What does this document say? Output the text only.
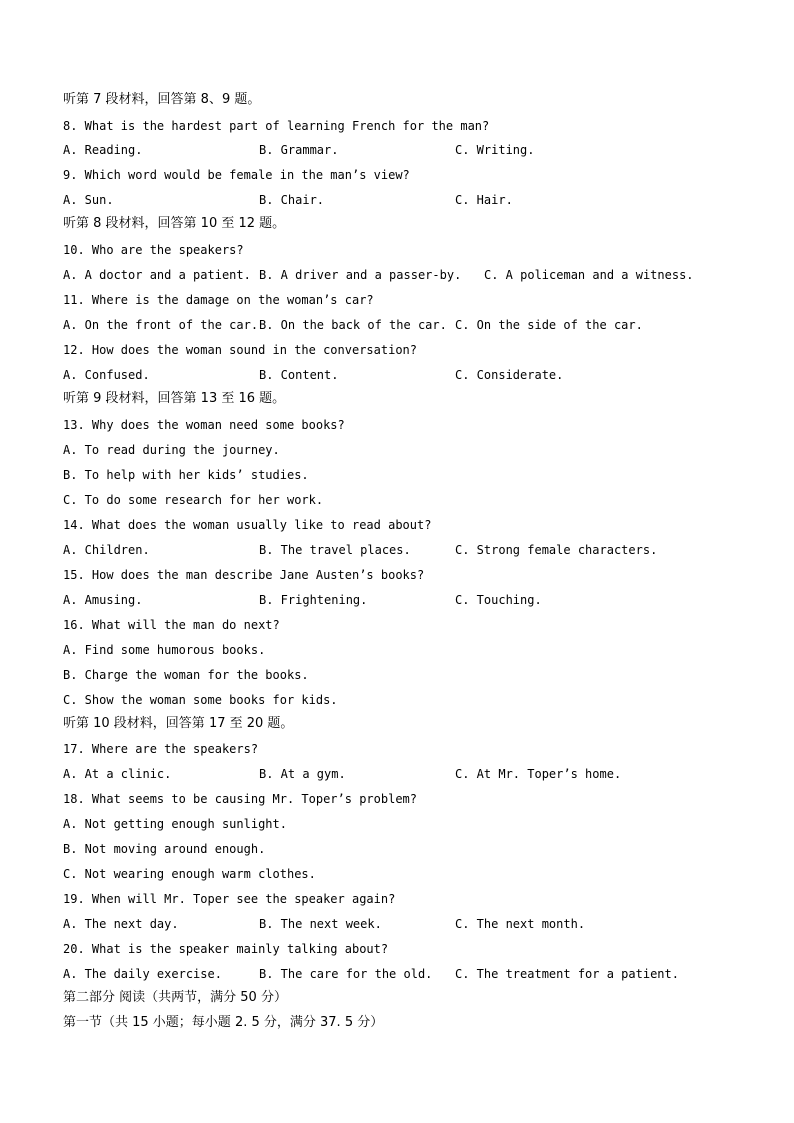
听第 7 段材料，回答第 8、9 题。
8. What is the hardest part of learning French for the man?
A. Reading.	B. Grammar.	C. Writing.
9. Which word would be female in the man’s view?
A. Sun.	B. Chair.	C. Hair.
听第 8 段材料，回答第 10 至 12 题。
10. Who are the speakers?
A. A doctor and a patient. B. A driver and a passer-by. C. A policeman and a witness.
11. Where is the damage on the woman’s car?
A. On the front of the car. B. On the back of the car. C. On the side of the car.
12. How does the woman sound in the conversation?
A. Confused.	B. Content.	C. Considerate.
听第 9 段材料，回答第 13 至 16 题。
13. Why does the woman need some books?
A. To read during the journey.
B. To help with her kids’ studies.
C. To do some research for her work.
14. What does the woman usually like to read about?
A. Children.	B. The travel places.	C. Strong female characters.
15. How does the man describe Jane Austen’s books?
A. Amusing.	B. Frightening.	C. Touching.
16. What will the man do next?
A. Find some humorous books.
B. Charge the woman for the books.
C. Show the woman some books for kids.
听第 10 段材料，回答第 17 至 20 题。
17. Where are the speakers?
A. At a clinic.	B. At a gym.	C. At Mr. Toper’s home.
18. What seems to be causing Mr. Toper’s problem?
A. Not getting enough sunlight.
B. Not moving around enough.
C. Not wearing enough warm clothes.
19. When will Mr. Toper see the speaker again?
A. The next day.	B. The next week.	C. The next month.
20. What is the speaker mainly talking about?
A. The daily exercise.	B. The care for the old. C. The treatment for a patient.
第二部分 阅读（共两节，满分 50 分）
第一节（共 15 小题；每小题 2. 5 分，满分 37. 5 分）
